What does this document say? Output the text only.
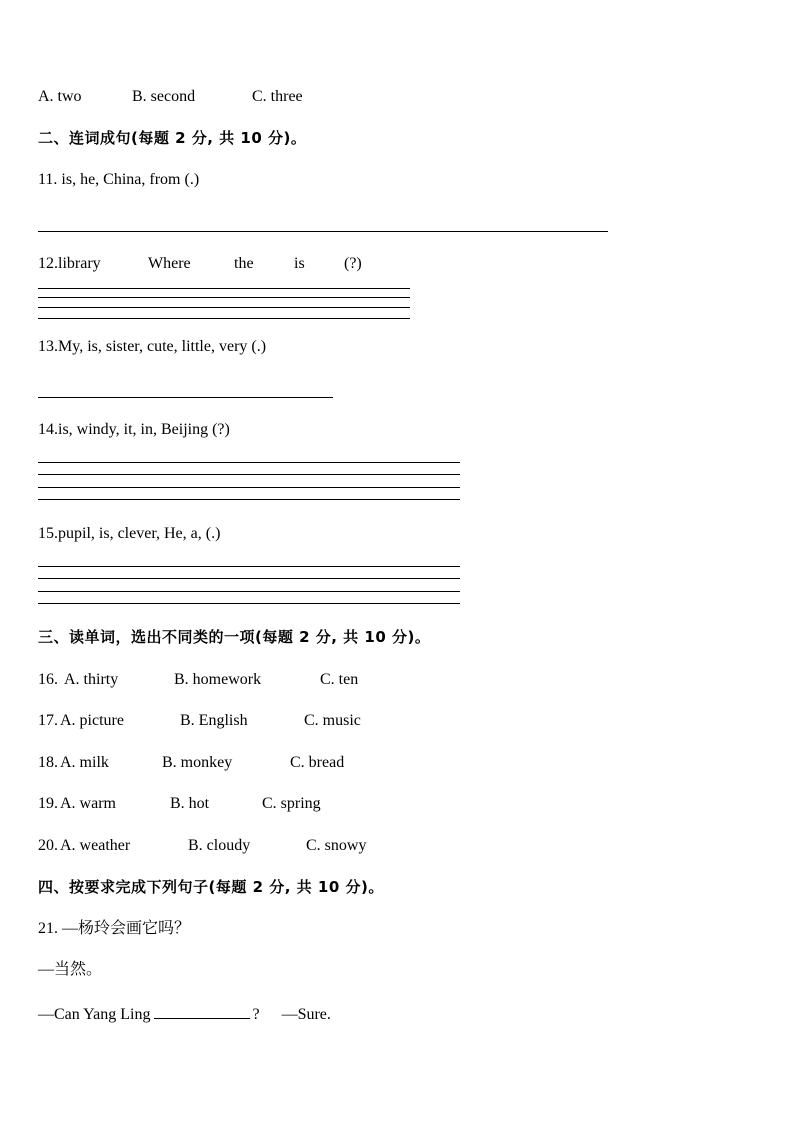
A. two	B. second	C. three
二、连词成句(每题 2 分, 共 10 分)。
11. is, he, China, from (.)
12.library	Where	the	is (?)
13.My, is, sister, cute, little, very (.)
14.is, windy, it, in, Beijing (?)
15.pupil, is, clever, He, a, (.)
三、读单词，选出不同类的一项(每题 2 分, 共 10 分)。
16. A. thirty	B. homework	C. ten
17. A. picture	B. English	C. music
18. A. milk	B. monkey	C. bread
19. A. warm	B. hot	C. spring
20. A. weather	B. cloudy	C. snowy
四、按要求完成下列句子(每题 2 分, 共 10 分)。
21. —杨玲会画它吗？
—当然。
—Can Yang Ling	? —Sure.
